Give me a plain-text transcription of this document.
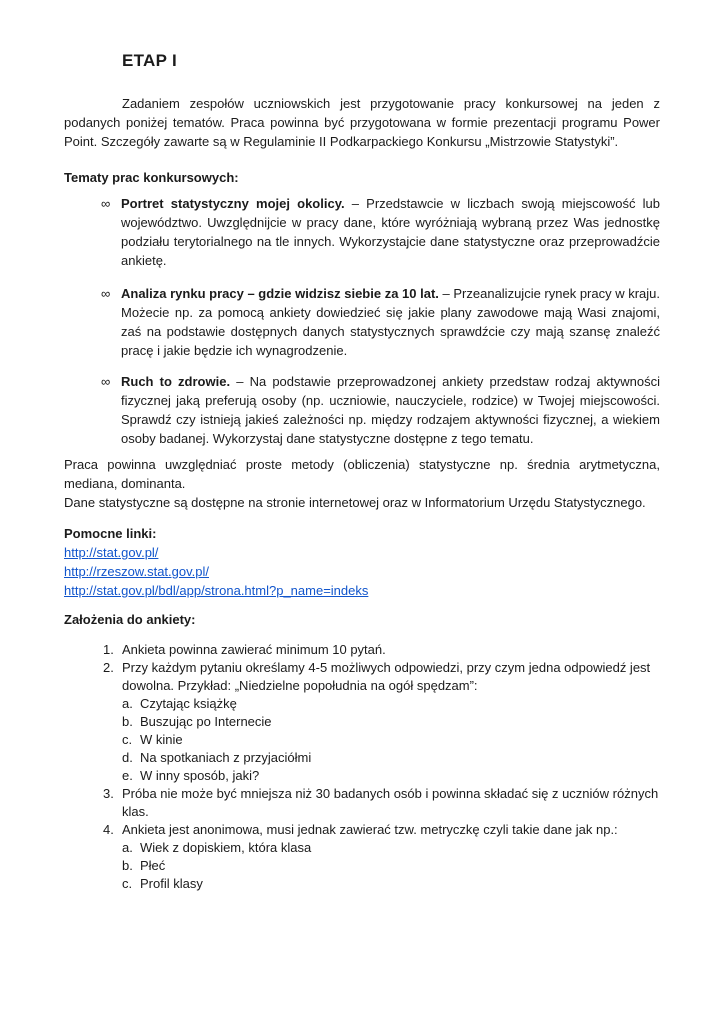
ETAP I

Zadaniem zespołów uczniowskich jest przygotowanie pracy konkursowej na jeden z podanych poniżej tematów. Praca powinna być przygotowana w formie prezentacji programu Power Point. Szczegóły zawarte są w Regulaminie II Podkarpackiego Konkursu „Mistrzowie Statystyki”.

Tematy prac konkursowych:
∞ Portret statystyczny mojej okolicy. – Przedstawcie w liczbach swoją miejscowość lub województwo. Uwzględnijcie w pracy dane, które wyróżniają wybraną przez Was jednostkę podziału terytorialnego na tle innych. Wykorzystajcie dane statystyczne oraz przeprowadźcie ankietę.
∞ Analiza rynku pracy – gdzie widzisz siebie za 10 lat. – Przeanalizujcie rynek pracy w kraju. Możecie np. za pomocą ankiety dowiedzieć się jakie plany zawodowe mają Wasi znajomi, zaś na podstawie dostępnych danych statystycznych sprawdźcie czy mają szansę znaleźć pracę i jakie będzie ich wynagrodzenie.
∞ Ruch to zdrowie. – Na podstawie przeprowadzonej ankiety przedstaw rodzaj aktywności fizycznej jaką preferują osoby (np. uczniowie, nauczyciele, rodzice) w Twojej miejscowości. Sprawdź czy istnieją jakieś zależności np. między rodzajem aktywności fizycznej, a wiekiem osoby badanej. Wykorzystaj dane statystyczne dostępne z tego tematu.

Praca powinna uwzględniać proste metody (obliczenia) statystyczne np. średnia arytmetyczna, mediana, dominanta.

Dane statystyczne są dostępne na stronie internetowej oraz w Informatorium Urzędu Statystycznego.

Pomocne linki:
http://stat.gov.pl/
http://rzeszow.stat.gov.pl/
http://stat.gov.pl/bdl/app/strona.html?p_name=indeks
Założenia do ankiety:
1. Ankieta powinna zawierać minimum 10 pytań.
2. Przy każdym pytaniu określamy 4-5 możliwych odpowiedzi, przy czym jedna odpowiedź jest dowolna. Przykład: „Niedzielne popołudnia na ogół spędzam”:
a. Czytając książkę
b. Buszując po Internecie
c. W kinie
d. Na spotkaniach z przyjaciółmi
e. W inny sposób, jaki?
3. Próba nie może być mniejsza niż 30 badanych osób i powinna składać się z uczniów różnych klas.
4. Ankieta jest anonimowa, musi jednak zawierać tzw. metryczkę czyli takie dane jak np.:
a. Wiek z dopiskiem, która klasa
b. Płeć
c. Profil klasy
